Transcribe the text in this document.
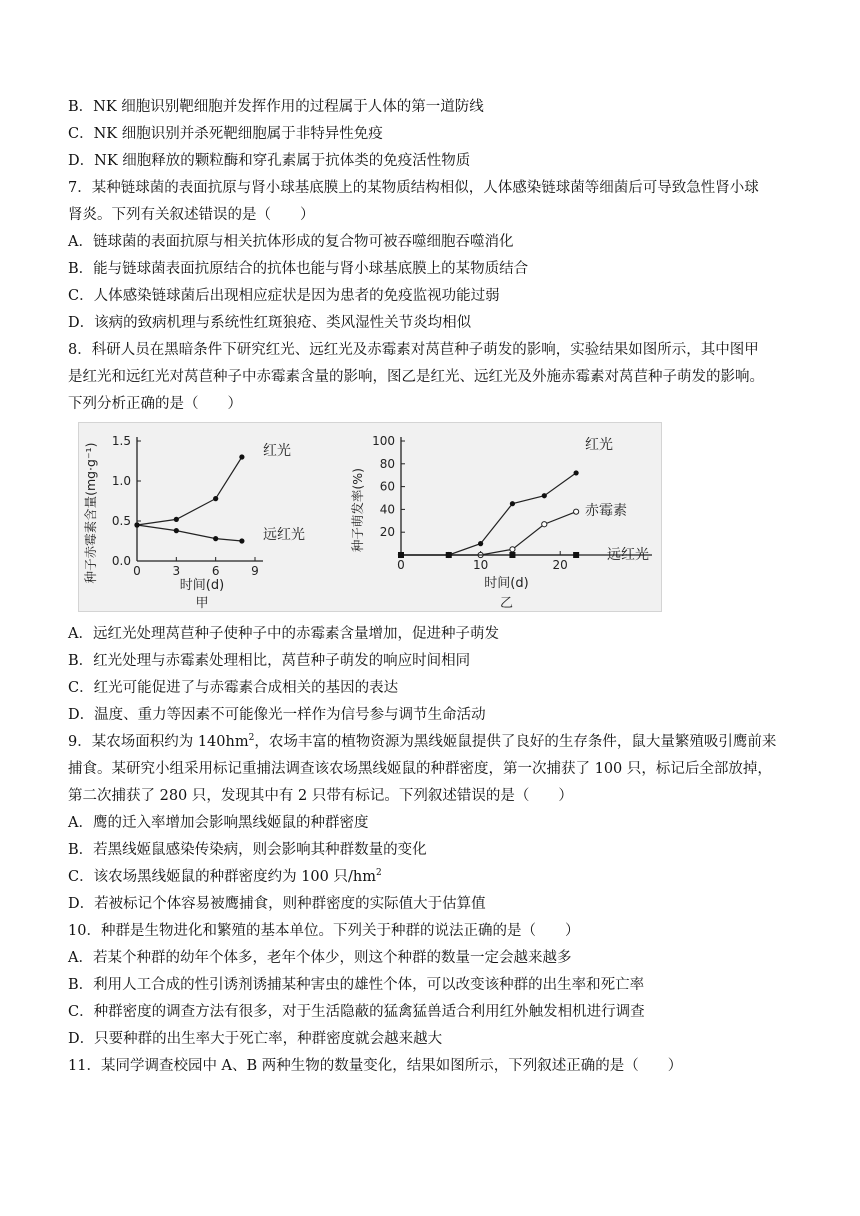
B．NK 细胞识别靶细胞并发挥作用的过程属于人体的第一道防线
C．NK 细胞识别并杀死靶细胞属于非特异性免疫
D．NK 细胞释放的颗粒酶和穿孔素属于抗体类的免疫活性物质
7．某种链球菌的表面抗原与肾小球基底膜上的某物质结构相似，人体感染链球菌等细菌后可导致急性肾小球
肾炎。下列有关叙述错误的是（　　）
A．链球菌的表面抗原与相关抗体形成的复合物可被吞噬细胞吞噬消化
B．能与链球菌表面抗原结合的抗体也能与肾小球基底膜上的某物质结合
C．人体感染链球菌后出现相应症状是因为患者的免疫监视功能过弱
D．该病的致病机理与系统性红斑狼疮、类风湿性关节炎均相似
8．科研人员在黑暗条件下研究红光、远红光及赤霉素对莴苣种子萌发的影响，实验结果如图所示，其中图甲
是红光和远红光对莴苣种子中赤霉素含量的影响，图乙是红光、远红光及外施赤霉素对莴苣种子萌发的影响。
下列分析正确的是（　　）
0.0
0.5
1.0
1.5
0	3	6	9
时间(d)
种子赤霉素含量(mg·g⁻¹)
甲
红光
远红光	20
40
60
80
100
0	10	20
时间(d)
种子萌发率(%)
乙
红光
赤霉素
远红光
A．远红光处理莴苣种子使种子中的赤霉素含量增加，促进种子萌发
B．红光处理与赤霉素处理相比，莴苣种子萌发的响应时间相同
C．红光可能促进了与赤霉素合成相关的基因的表达
D．温度、重力等因素不可能像光一样作为信号参与调节生命活动
9．某农场面积约为 $140hm^2$，农场丰富的植物资源为黑线姬鼠提供了良好的生存条件，鼠大量繁殖吸引鹰前来
捕食。某研究小组采用标记重捕法调查该农场黑线姬鼠的种群密度，第一次捕获了 100 只，标记后全部放掉，
第二次捕获了 280 只，发现其中有 2 只带有标记。下列叙述错误的是（　　）
A．鹰的迁入率增加会影响黑线姬鼠的种群密度
B．若黑线姬鼠感染传染病，则会影响其种群数量的变化
C．该农场黑线姬鼠的种群密度约为 100 只$/hm^2$
D．若被标记个体容易被鹰捕食，则种群密度的实际值大于估算值
10．种群是生物进化和繁殖的基本单位。下列关于种群的说法正确的是（　　）
A．若某个种群的幼年个体多，老年个体少，则这个种群的数量一定会越来越多
B．利用人工合成的性引诱剂诱捕某种害虫的雄性个体，可以改变该种群的出生率和死亡率
C．种群密度的调查方法有很多，对于生活隐蔽的猛禽猛兽适合利用红外触发相机进行调查
D．只要种群的出生率大于死亡率，种群密度就会越来越大
11．某同学调查校园中 A、B 两种生物的数量变化，结果如图所示，下列叙述正确的是（　　）
